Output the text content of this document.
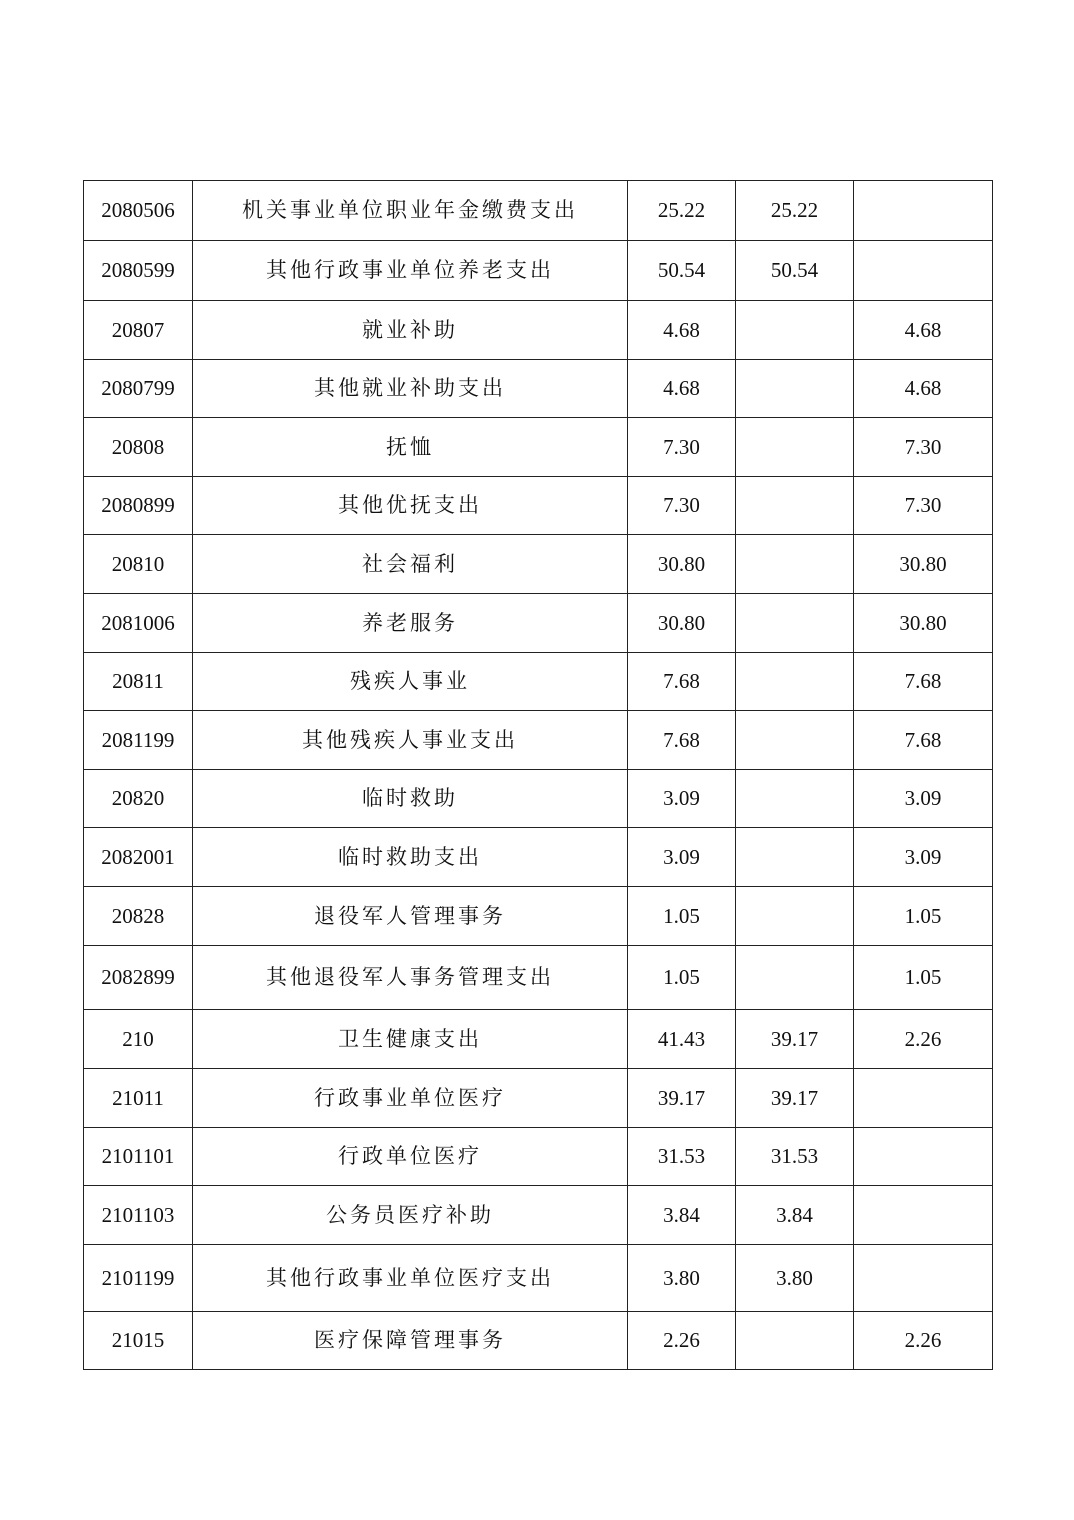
2080506	机关事业单位职业年金缴费支出	25.22	25.22	
2080599	其他行政事业单位养老支出	50.54	50.54	
20807	就业补助	4.68		4.68
2080799	其他就业补助支出	4.68		4.68
20808	抚恤	7.30		7.30
2080899	其他优抚支出	7.30		7.30
20810	社会福利	30.80		30.80
2081006	养老服务	30.80		30.80
20811	残疾人事业	7.68		7.68
2081199	其他残疾人事业支出	7.68		7.68
20820	临时救助	3.09		3.09
2082001	临时救助支出	3.09		3.09
20828	退役军人管理事务	1.05		1.05
2082899	其他退役军人事务管理支出	1.05		1.05
210	卫生健康支出	41.43	39.17	2.26
21011	行政事业单位医疗	39.17	39.17	
2101101	行政单位医疗	31.53	31.53	
2101103	公务员医疗补助	3.84	3.84	
2101199	其他行政事业单位医疗支出	3.80	3.80	
21015	医疗保障管理事务	2.26		2.26
